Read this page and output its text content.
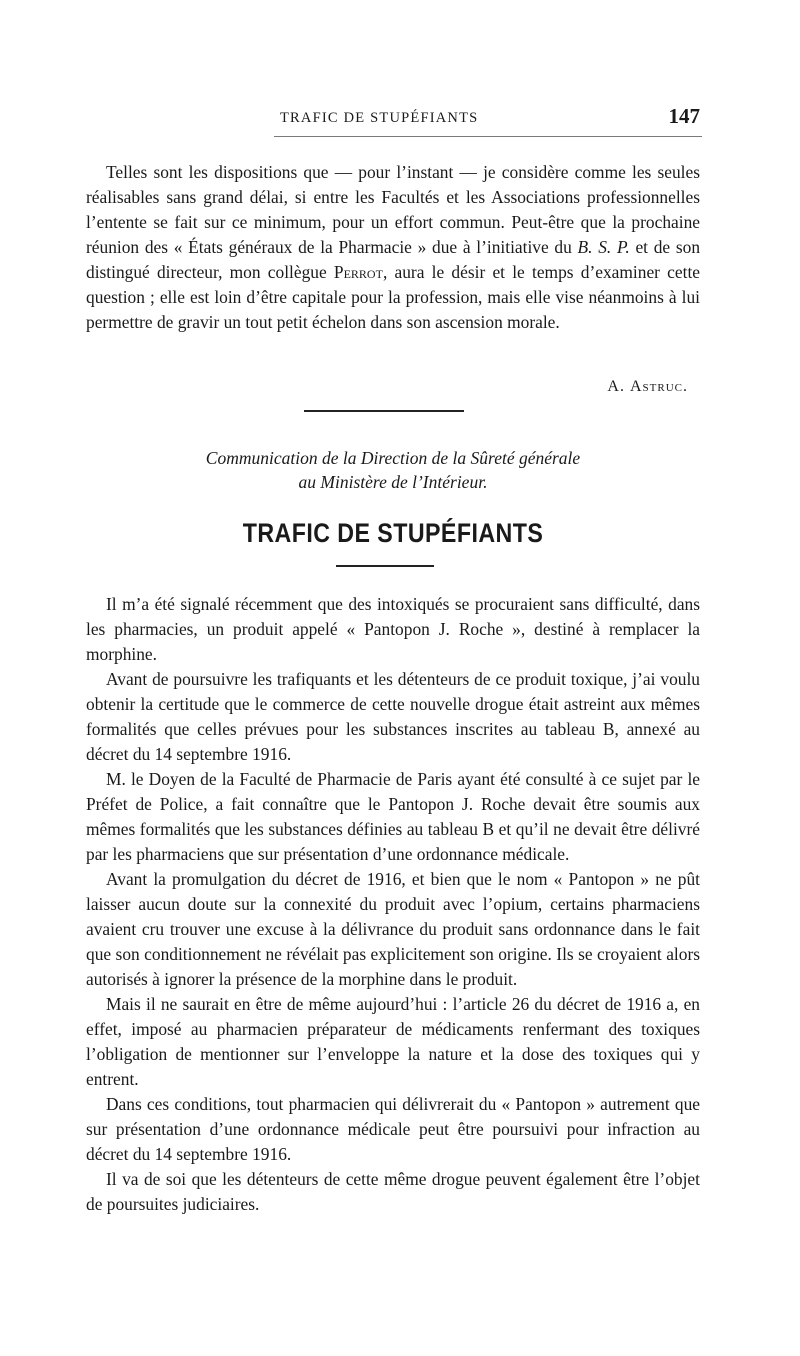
TRAFIC DE STUPÉFIANTS	147

Telles sont les dispositions que — pour l’instant — je considère comme les seules réalisables sans grand délai, si entre les Facultés et les Associations professionnelles l’entente se fait sur ce minimum, pour un effort commun. Peut-être que la prochaine réunion des « États généraux de la Pharmacie » due à l’initiative du B. S. P. et de son distingué directeur, mon collègue Perrot, aura le désir et le temps d’examiner cette question ; elle est loin d’être capitale pour la profession, mais elle vise néanmoins à lui permettre de gravir un tout petit échelon dans son ascension morale.

A. Astruc.
Communication de la Direction de la Sûreté générale
au Ministère de l’Intérieur.
TRAFIC DE STUPÉFIANTS

Il m’a été signalé récemment que des intoxiqués se procuraient sans difficulté, dans les pharmacies, un produit appelé « Pantopon J. Roche », destiné à remplacer la morphine.

Avant de poursuivre les trafiquants et les détenteurs de ce produit toxique, j’ai voulu obtenir la certitude que le commerce de cette nouvelle drogue était astreint aux mêmes formalités que celles prévues pour les substances inscrites au tableau B, annexé au décret du 14 septembre 1916.

M. le Doyen de la Faculté de Pharmacie de Paris ayant été consulté à ce sujet par le Préfet de Police, a fait connaître que le Pantopon J. Roche devait être soumis aux mêmes formalités que les substances définies au tableau B et qu’il ne devait être délivré par les pharmaciens que sur présentation d’une ordonnance médicale.

Avant la promulgation du décret de 1916, et bien que le nom « Pantopon » ne pût laisser aucun doute sur la connexité du produit avec l’opium, certains pharmaciens avaient cru trouver une excuse à la délivrance du produit sans ordonnance dans le fait que son conditionnement ne révélait pas explicitement son origine. Ils se croyaient alors autorisés à ignorer la présence de la morphine dans le produit.

Mais il ne saurait en être de même aujourd’hui : l’article 26 du décret de 1916 a, en effet, imposé au pharmacien préparateur de médicaments renfermant des toxiques l’obligation de mentionner sur l’enveloppe la nature et la dose des toxiques qui y entrent.

Dans ces conditions, tout pharmacien qui délivrerait du « Pantopon » autrement que sur présentation d’une ordonnance médicale peut être poursuivi pour infraction au décret du 14 septembre 1916.

Il va de soi que les détenteurs de cette même drogue peuvent également être l’objet de poursuites judiciaires.
